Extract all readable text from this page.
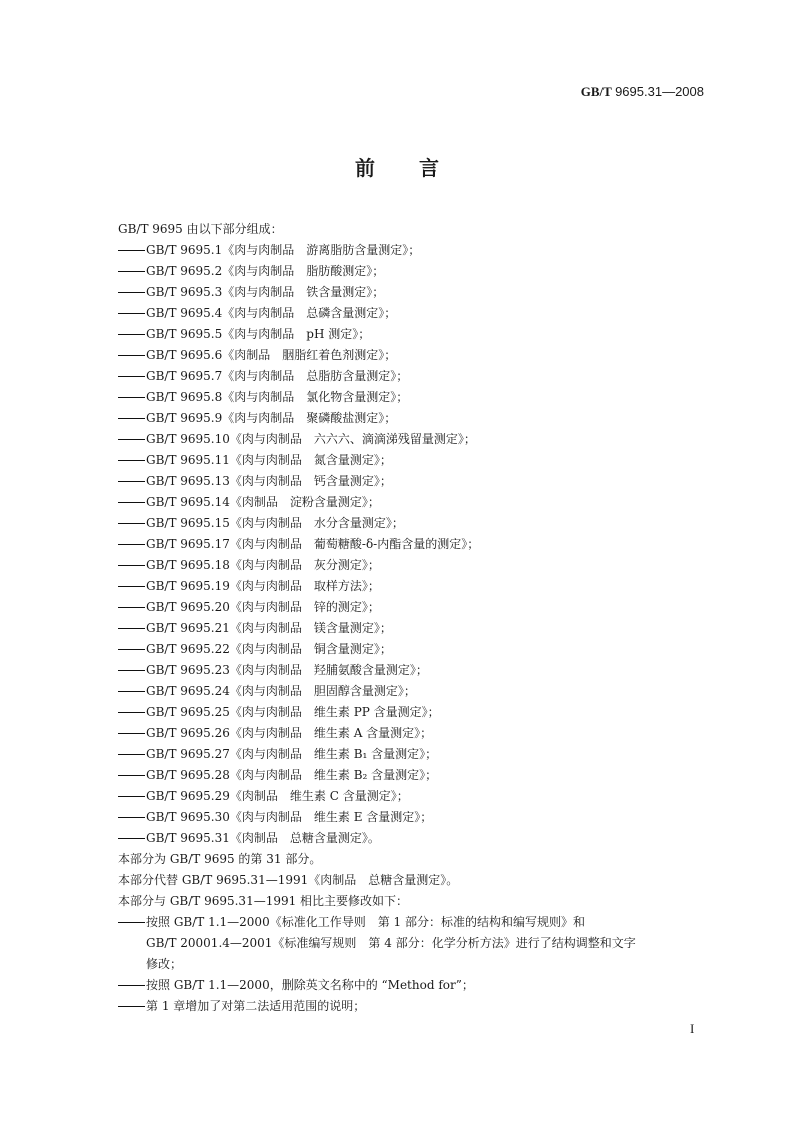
GB/T 9695.31—2008
前 言
GB/T 9695 由以下部分组成：
GB/T 9695.1《肉与肉制品　游离脂肪含量测定》；
GB/T 9695.2《肉与肉制品　脂肪酸测定》；
GB/T 9695.3《肉与肉制品　铁含量测定》；
GB/T 9695.4《肉与肉制品　总磷含量测定》；
GB/T 9695.5《肉与肉制品　pH 测定》；
GB/T 9695.6《肉制品　胭脂红着色剂测定》；
GB/T 9695.7《肉与肉制品　总脂肪含量测定》；
GB/T 9695.8《肉与肉制品　氯化物含量测定》；
GB/T 9695.9《肉与肉制品　聚磷酸盐测定》；
GB/T 9695.10《肉与肉制品　六六六、滴滴涕残留量测定》；
GB/T 9695.11《肉与肉制品　氮含量测定》；
GB/T 9695.13《肉与肉制品　钙含量测定》；
GB/T 9695.14《肉制品　淀粉含量测定》；
GB/T 9695.15《肉与肉制品　水分含量测定》；
GB/T 9695.17《肉与肉制品　葡萄糖酸-δ-内酯含量的测定》；
GB/T 9695.18《肉与肉制品　灰分测定》；
GB/T 9695.19《肉与肉制品　取样方法》；
GB/T 9695.20《肉与肉制品　锌的测定》；
GB/T 9695.21《肉与肉制品　镁含量测定》；
GB/T 9695.22《肉与肉制品　铜含量测定》；
GB/T 9695.23《肉与肉制品　羟脯氨酸含量测定》；
GB/T 9695.24《肉与肉制品　胆固醇含量测定》；
GB/T 9695.25《肉与肉制品　维生素 PP 含量测定》；
GB/T 9695.26《肉与肉制品　维生素 A 含量测定》；
GB/T 9695.27《肉与肉制品　维生素 B₁ 含量测定》；
GB/T 9695.28《肉与肉制品　维生素 B₂ 含量测定》；
GB/T 9695.29《肉制品　维生素 C 含量测定》；
GB/T 9695.30《肉与肉制品　维生素 E 含量测定》；
GB/T 9695.31《肉制品　总糖含量测定》。
本部分为 GB/T 9695 的第 31 部分。
本部分代替 GB/T 9695.31—1991《肉制品　总糖含量测定》。
本部分与 GB/T 9695.31—1991 相比主要修改如下：
按照 GB/T 1.1—2000《标准化工作导则　第 1 部分：标准的结构和编写规则》和
GB/T 20001.4—2001《标准编写规则　第 4 部分：化学分析方法》进行了结构调整和文字
修改；
按照 GB/T 1.1—2000，删除英文名称中的 “Method for”；
第 1 章增加了对第二法适用范围的说明；
I
